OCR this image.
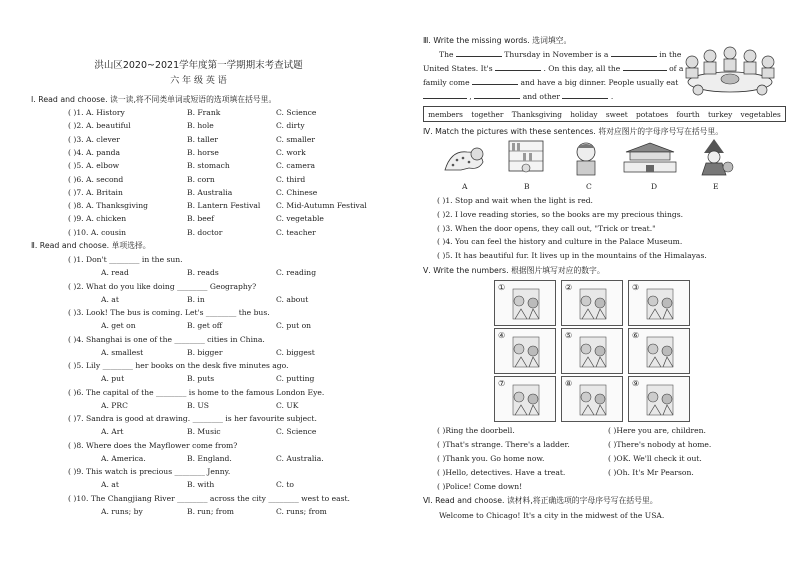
洪山区2020~2021学年度第一学期期末考查试题
六 年 级 英 语
Ⅰ. Read and choose. 读一读,将不同类单词或短语的选项填在括号里。
( )1. A. History	B. Frank	C. Science
( )2. A. beautiful	B. hole	C. dirty
( )3. A. clever	B. taller	C. smaller
( )4. A. panda	B. horse	C. work
( )5. A. elbow	B. stomach	C. camera
( )6. A. second	B. corn	C. third
( )7. A. Britain	B. Australia	C. Chinese
( )8. A. Thanksgiving	B. Lantern Festival C. Mid-Autumn Festival
( )9. A. chicken	B. beef	C. vegetable
( )10. A. cousin	B. doctor	C. teacher
Ⅱ. Read and choose. 单项选择。
( )1. Don't ________ in the sun.
A. read	B. reads	C. reading
( )2. What do you like doing ________ Geography?
A. at	B. in	C. about
( )3. Look! The bus is coming. Let's ________ the bus.
A. get on	B. get off	C. put on
( )4. Shanghai is one of the ________ cities in China.
A. smallest	B. bigger	C. biggest
( )5. Lily ________ her books on the desk five minutes ago.
A. put	B. puts	C. putting
( )6. The capital of the ________ is home to the famous London Eye.
A. PRC	B. US	C. UK
( )7. Sandra is good at drawing. ________ is her favourite subject.
A. Art	B. Music	C. Science
( )8. Where does the Mayflower come from?
A. America.	B. England.	C. Australia.
( )9. This watch is precious ________ Jenny.
A. at	B. with	C. to
( )10. The Changjiang River ________ across the city ________ west to east.
A. runs; by	B. run; from	C. runs; from
Ⅲ. Write the missing words. 选词填空。
The	Thursday in November is a	in the
United States. It's	. On this day, all the	of a
family come	and have a big dinner. People usually eat
,	and other	.
members together Thanksgiving holiday sweet potatoes fourth turkey vegetables
Ⅳ. Match the pictures with these sentences. 将对应图片的字母序号写在括号里。
A	B	C	D	E
( )1. Stop and wait when the light is red.
( )2. I love reading stories, so the books are my precious things.
( )3. When the door opens, they call out, "Trick or treat."
( )4. You can feel the history and culture in the Palace Museum.
( )5. It has beautiful fur. It lives up in the mountains of the Himalayas.
Ⅴ. Write the numbers. 根据图片填写对应的数字。
①	②	③
④	⑤	⑥
⑦	⑧	⑨
( )Ring the doorbell.
( )That's strange. There's a ladder.
( )Thank you. Go home now.
( )Hello, detectives. Have a treat.
( )Police! Come down!
( )Here you are, children.
( )There's nobody at home.
( )OK. We'll check it out.
( )Oh. It's Mr Pearson.
Ⅵ. Read and choose. 读材料,将正确选项的字母序号写在括号里。
Welcome to Chicago! It's a city in the midwest of the USA.
